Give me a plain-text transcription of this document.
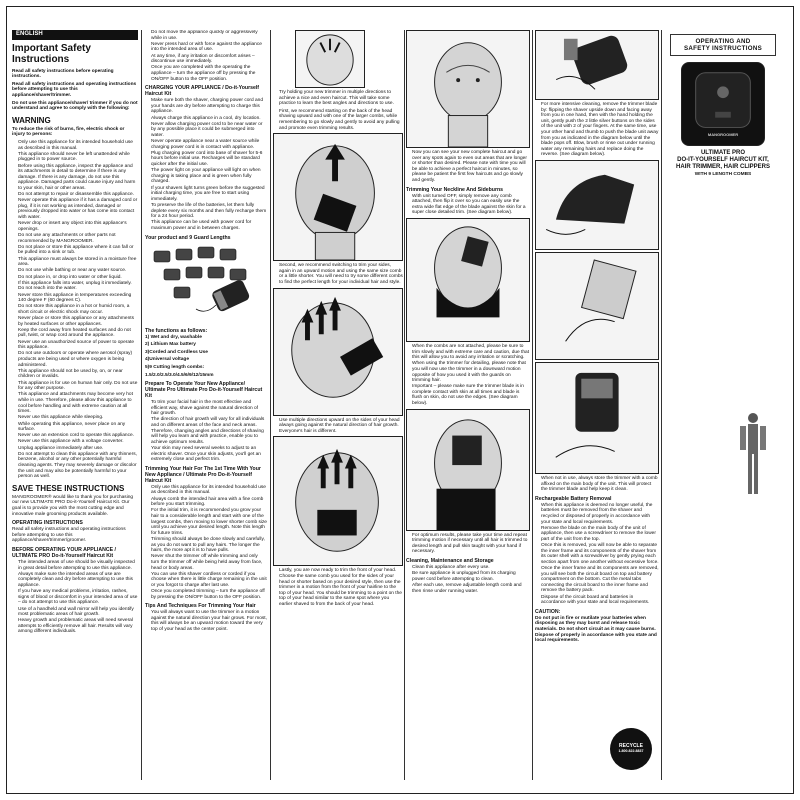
ENGLISH
Important Safety Instructions

Read all safety instructions before operating instructions.

Read all safety instructions and operating instructions before attempting to use this appliance/shaver/trimmer.

Do not use this appliance/shaver/ trimmer if you do not understand and agree to comply with the following:

WARNING

To reduce the risk of burns, fire, electric shock or injury to persons:

• Only use this appliance for its intended household use as described in this manual.
• This appliance should never be left unattended while plugged in to power source.
• Before using this appliance, inspect the appliance and its attachments in detail to determine if there is any damage. If there is any damage, do not use this appliance. Damaged parts could cause injury and harm to your skin, hair or other areas.
• Do not attempt to repair or disassemble this appliance.
• Never operate this appliance if it has a damaged cord or plug, if it is not working as intended, damaged or previously dropped into water or has come into contact with water.
• Never drop or insert any object into this appliance's openings.
• Do not use any attachments or other parts not recommended by MANGROOMER.
• Do not place or store this appliance where it can fall or be pulled into a sink or tub.
• This appliance must always be stored in a moisture free area.
• Do not use while bathing or near any water source.
• Do not place in, or drop into water or other liquid.
• If this appliance falls into water, unplug it immediately. Do not reach into the water.
• Never store this appliance in temperatures exceeding 140 degree F (60 degrees C).
• Do not store this appliance in a hot or humid room, a short circuit or electric shock may occur.
• Never place or store this appliance or any attachments by heated surfaces or other appliances.
• Keep the cord away from heated surfaces and do not pull, twist, or wrap cord around the appliance.
• Never use an unauthorized source of power to operate this appliance.
• Do not use outdoors or operate where aerosol (spray) products are being used or where oxygen is being administered.
• This appliance should not be used by, on, or near children or invalids.
• This appliance is for use on human hair only. Do not use for any other purpose.
• This appliance and attachments may become very hot while in use. Therefore, please allow this appliance to cool before handling and with extreme caution at all times.
• Never use this appliance while sleeping.
• While operating this appliance, never place on any surface.
• Never use an extension cord to operate this appliance.
• Never use this appliance with a voltage converter.
• Unplug appliance immediately after use.
• Do not attempt to clean this appliance with any thinners, benzene, alcohol or any other potentially harmful cleaning agents. They may severely damage or discolor the unit and may also be potentially harmful to your person as well.
SAVE THESE INSTRUCTIONS

MANGROOMER® would like to thank you for purchasing our new ULTIMATE PRO Do-it-Yourself Haircut Kit. Our goal is to provide you with the most cutting edge and innovative male grooming products available.

OPERATING INSTRUCTIONS

Read all safety instructions and operating instructions before attempting to use this appliance/shaver/trimmer/groomer.

BEFORE OPERATING YOUR APPLIANCE / ULTIMATE PRO Do-it-Yourself Haircut Kit
• The intended areas of use should be visually inspected in great detail before attempting to use this appliance.
• Always make sure the intended areas of use are completely clean and dry before attempting to use this appliance.
• If you have any medical problems, irritation, rashes, signs of blood or discomfort in your intended area of use – do not attempt to use this appliance.
• Use of a handheld and wall mirror will help you identify most problematic areas of hair growth.
• Heavy growth and problematic areas will need several attempts to efficiently remove all hair. Results will vary among different individuals.
• Do not move the appliance quickly or aggressively while in use.
• Never press hard or with force against the appliance into the intended area of use.
• At any time, if any irritation or discomfort arises – discontinue use immediately.
• Once you are completed with the operating the appliance – turn the appliance off by pressing the ON/OFF button to the OFF position.
CHARGING YOUR APPLIANCE / Do-it-Yourself Haircut Kit
• Make sure both the shaver, charging power cord and your hands are dry before attempting to charge this appliance.
• Always charge this appliance in a cool, dry location.
• Never allow charging power cord to be near water or by any possible place it could be submerged into water.
• Never operate appliance near a water source while charging power cord is in contact with appliance.
• Plug charging power cord into base of shaver for 5-6 hours before initial use. Recharges will be standard quicker after the initial use.
• The power light on your appliance will light on when charging is taking place and is green when fully charged.
• If your shavers light turns green before the suggested initial charging time, you are free to start using immediately.
• To preserve the life of the batteries, let them fully deplete every six months and then fully recharge them for a 24 hour period.
• This appliance can be used with power cord for maximum power and in between charges.
Your product and 9 Guard Lengths
The functions as follows:

1) Wet and dry, washable

2) Lithium Max battery

3)Corded and Cordless Use

4)Universal voltage

5)9 Cutting length combs:

1.5/2.0/2.5/3.0/4.5/6/9/12/15mm

Prepare To Operate Your New Appliance/ Ultimate Pro Ultimate Pro Do-it-Yourself Haircut Kit
• To trim your facial hair in the most effective and efficient way, shave against the natural direction of hair growth.
• The direction of hair growth will vary for all individuals and on different areas of the face and neck areas. Therefore, changing angles and directions of shaving will help you learn and with practice, enable you to achieve optimum results.
• Your skin may need several weeks to adjust to an electric shaver. Once your skin adjusts, you'll get an extremely close and perfect trim.
Trimming Your Hair For The 1st Time With Your New Appliance / Ultimate Pro Do-it-Yourself Haircut Kit
• Only use this appliance for its intended household use as described in this manual.
• Always comb the intended hair area with a fine comb before you start trimming.
• For the initial trim, it is recommended you grow your hair to a considerable length and start with one of the largest combs, then moving to lower shorter comb size until you achieve your desired length. Note this length for future trims.
• Trimming should always be done slowly and carefully, as you do not want to pull any hairs. The longer the hairs, the more apt it is to have pulls.
• Never shut the trimmer off while trimming and only turn the trimmer off while being held away from face, head or body areas.
• You can use this shaver cordless or corded if you choose when there is little charge remaining in the unit or you forgot to charge after last use.
• Once you completed trimming – turn the appliance off by pressing the ON/OFF button to the OFF position.
Tips And Techniques For Trimming Your Hair
• You will always want to use the trimmer in a motion against the natural direction your hair grows. For most, this will always be an upward motion toward the very top of your head as the center point.
• Try holding your new trimmer in multiple directions to achieve a nice and even haircut. This will take some practice to learn the best angles and directions to use.
• First, we recommend starting on the back of the head shaving upward and with one of the larger combs, while remembering to go slowly and gently to avoid any pulling and promote even trimming results.
• Second, we recommend switching to trim your sides, again in an upward motion and using the same size comb or a little shorter. You will need to try some different combs to find the perfect length for your individual hair and style.
• Use multiple directions upward on the sides of your head always going against the natural direction of hair growth. Everyone's hair is different.
• Lastly, you are now ready to trim the front of your head. Choose the same comb you used for the sides of your head or shorter based on your desired style, then use the trimmer in a motion from the front of your hairline to the top of your head. You should be trimming to a point on the top of your head similar to the same spot where you earlier shaved to from the back of your head.
• Now you can see your new complete haircut and go over any spots again to even out areas that are longer or shorter than desired. Please note with time you will be able to achieve a perfect haircut in minutes, so please be patient the first few haircuts and go slowly and gently.
Trimming Your Neckline And Sideburns
• With unit turned OFF, simply remove any comb attached, then flip it over so you can easily use the extra wide flat edge of the blade against the skin for a super close detailed trim. (See diagram below).
• When the combs are not attached, please be sure to trim slowly and with extreme care and caution, due that this will allow you to avoid any irritation or scratching.
• When using the trimmer for detailing, please note that you will now use the trimmer in a downward motion opposite of how you used it with the guards on trimming hair.
• Important – please make sure the trimmer blade is in complete contact with skin at all times and blade is flush on skin, do not use the edges. (See diagram below).
• For optimum results, please take your time and repeat trimming motion if necessary until all hair is trimmed to desired length and pull skin taught with your hand if necessary.
Cleaning, Maintenance and Storage
• Clean this appliance after every use.
• Be sure appliance is unplugged from its charging power cord before attempting to clean.
• After each use, remove adjustable length comb and then rinse under running water.
• For more intensive cleaning, remove the trimmer blade by: flipping the shaver upside down and facing away from you in one hand, then with the hand holding the unit, gently push the 2 little silver buttons on the sides of the unit with 2 of your fingers. At the same time, use your other hand and thumb to push the blade unit away from you as indicated in the diagram below until the blade pops off. Blow, brush or rinse out under running water any remaining hairs and replace doing the reverse. (See diagram below).
• When not in use, always store the trimmer with a comb affixed on the main body of the unit. This will protect the trimmer blade and help keep it clean.
Rechargeable Battery Removal
• When this appliance is deemed no longer useful, the batteries must be removed from the shaver and recycled or disposed of properly in accordance with your state and local requirements.
• Remove the blade on the main body of the unit of appliance, then use a screwdriver to remove the lower part of the unit from the top.
• Once this is removed, you will now be able to separate the inner frame and its components of the shaver from its outer shell with a screwdriver by gently prying each section apart from one another without excessive force.
• Once the inner frame and its components are removed, you will see both the circuit board on top and battery compartment on the bottom. Cut the metal tabs connecting the circuit board to the inner frame and remove the battery pack.
• Dispose of the circuit board and batteries in accordance with your state and local requirements.
CAUTION:

Do not put in fire or mutilate your batteries when disposing as they may burst and release toxic materials. Do not short circuit as it may cause burns. Dispose of properly in accordance with you state and local requirements.

RECYCLE
1.800.822.8837
OPERATING AND
SAFETY INSTRUCTIONS
MANGROOMER
ULTIMATE PRO
DO-IT-YOURSELF HAIRCUT KIT,
HAIR TRIMMER, HAIR CLIPPERS
WITH 9 LENGTH COMBS
